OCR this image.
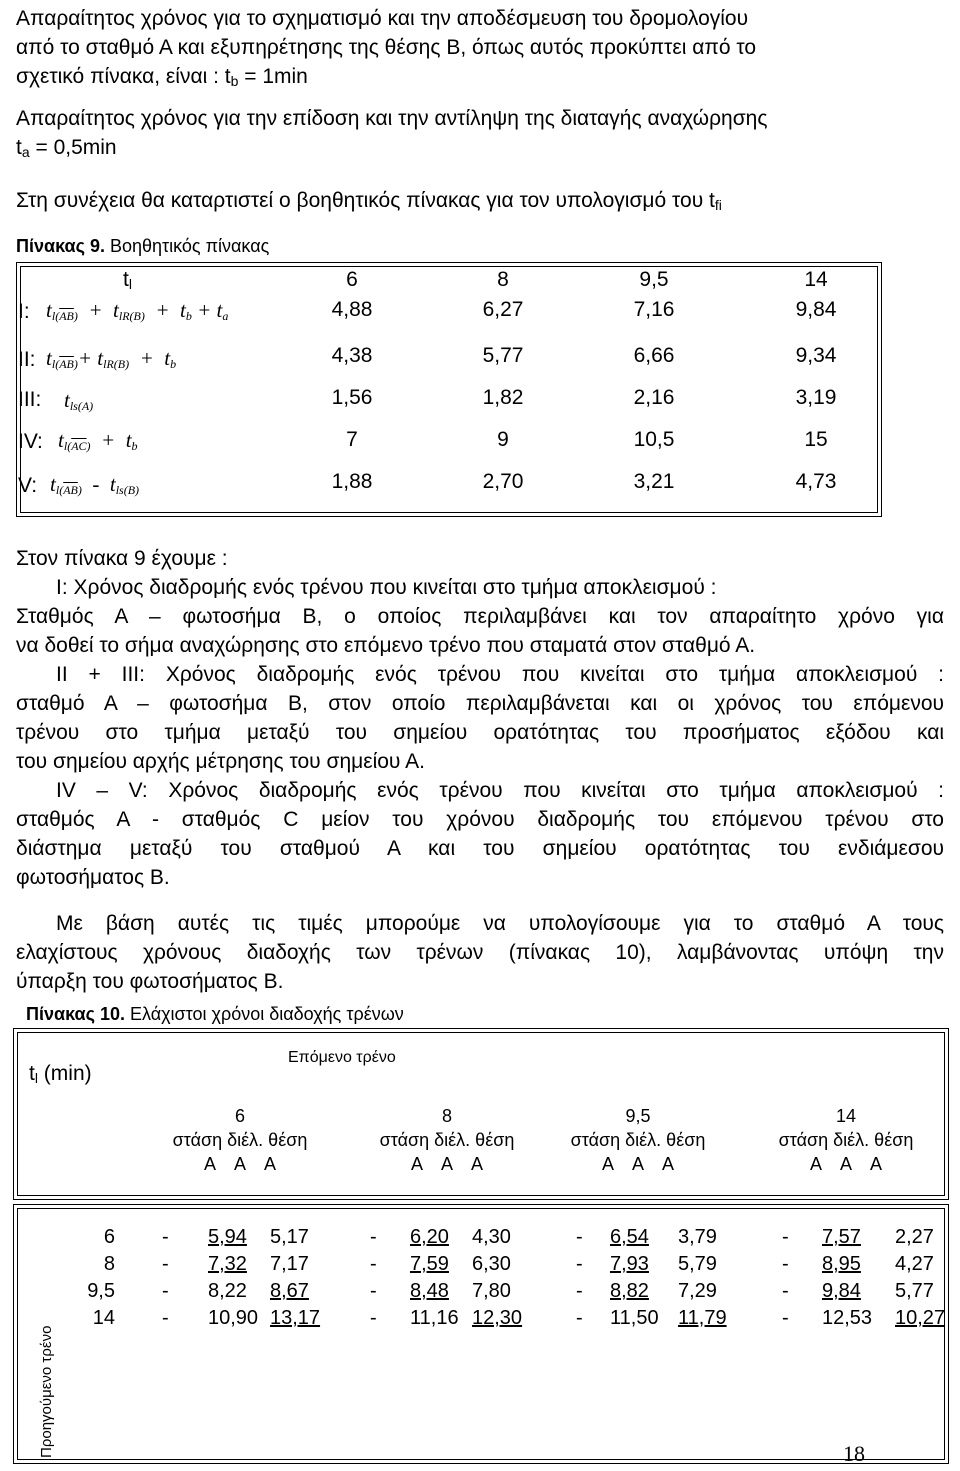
Απαραίτητος χρόνος για το σχηματισμό και την αποδέσμευση του δρομολογίου
από το σταθμό Α και εξυπηρέτησης της θέσης Β, όπως αυτός προκύπτει από το
σχετικό πίνακα, είναι : $t_b = 1\min$
Απαραίτητος χρόνος για την επίδοση και την αντίληψη της διαταγής αναχώρησης
$t_a = 0,5\min$
Στη συνέχεια θα καταρτιστεί ο βοηθητικός πίνακας για τον υπολογισμό του $t_{fi}$
Πίνακας 9. Βοηθητικός πίνακας
$t_l$	6	8	9,5	14
I: $t_{l(\overline{AB})} + t_{lR(B)} + t_b + t_a$	4,88	6,27	7,16	9,84
II: $t_{l(\overline{AB})}+ t_{lR(B)} + t_b$	4,38	5,77	6,66	9,34
III: $t_{ls(A)}$	1,56	1,82	2,16	3,19
IV: $t_{l(\overline{AC})} + t_b$	7	9	10,5	15
V: $t_{l(\overline{AB})} - t_{ls(B)}$	1,88	2,70	3,21	4,73
Στον πίνακα 9 έχουμε :
Ι: Χρόνος διαδρομής ενός τρένου που κινείται στο τμήμα αποκλεισμού :
Σταθμός Α – φωτοσήμα Β, ο οποίος περιλαμβάνει και τον απαραίτητο χρόνο για
να δοθεί το σήμα αναχώρησης στο επόμενο τρένο που σταματά στον σταθμό Α.
ΙΙ + ΙΙΙ: Χρόνος διαδρομής ενός τρένου που κινείται στο τμήμα αποκλεισμού :
σταθμό Α – φωτοσήμα Β, στον οποίο περιλαμβάνεται και οι χρόνος του επόμενου
τρένου στο τμήμα μεταξύ του σημείου ορατότητας του προσήματος εξόδου και
του σημείου αρχής μέτρησης του σημείου Α.
ΙV – V: Χρόνος διαδρομής ενός τρένου που κινείται στο τμήμα αποκλεισμού :
σταθμός Α - σταθμός C μείον του χρόνου διαδρομής του επόμενου τρένου στο
διάστημα μεταξύ του σταθμού Α και του σημείου ορατότητας του ενδιάμεσου
φωτοσήματος Β.
Με βάση αυτές τις τιμές μπορούμε να υπολογίσουμε για το σταθμό Α τους
ελαχίστους χρόνους διαδοχής των τρένων (πίνακας 10), λαμβάνοντας υπόψη την
ύπαρξη του φωτοσήματος Β.
Πίνακας 10. Ελάχιστοι χρόνοι διαδοχής τρένων
$t_l$ (min)
Επόμενο τρένο
6
στάση διέλ. θέση
Α    Α    Α
8
στάση διέλ. θέση
Α    Α    Α
9,5
στάση διέλ. θέση
Α    Α    Α
14
στάση διέλ. θέση
Α    Α    Α
Προηγούμενο τρένο
6 - 5,94 5,17	- 6,20 4,30	- 6,54 3,79	- 7,57 2,27
8 - 7,32 7,17	- 7,59 6,30	- 7,93 5,79	- 8,95 4,27
9,5 - 8,22 8,67	- 8,48 7,80	- 8,82 7,29	- 9,84 5,77
14 - 10,90 13,17 - 11,16 12,30	- 11,50 11,79	- 12,53 10,27
18
